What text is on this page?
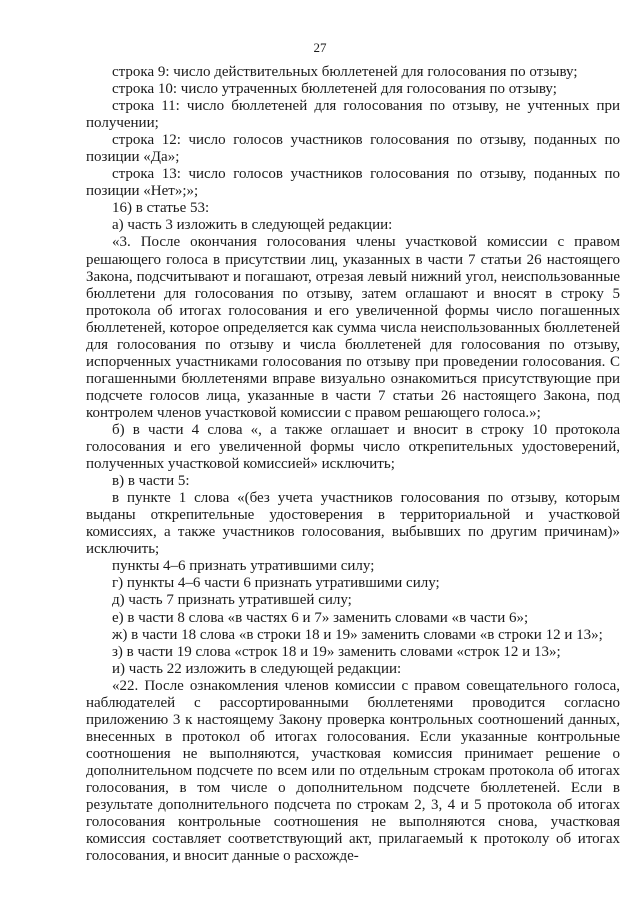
27

строка 9: число действительных бюллетеней для голосования по отзыву;

строка 10: число утраченных бюллетеней для голосования по отзыву;

строка 11: число бюллетеней для голосования по отзыву, не учтенных при получении;

строка 12: число голосов участников голосования по отзыву, поданных по позиции «Да»;

строка 13: число голосов участников голосования по отзыву, поданных по позиции «Нет»;»;

16) в статье 53:

а) часть 3 изложить в следующей редакции:

«3. После окончания голосования члены участковой комиссии с правом решающего голоса в присутствии лиц, указанных в части 7 статьи 26 настоящего Закона, подсчитывают и погашают, отрезая левый нижний угол, неиспользованные бюллетени для голосования по отзыву, затем оглашают и вносят в строку 5 протокола об итогах голосования и его увеличенной формы число погашенных бюллетеней, которое определяется как сумма числа неиспользованных бюллетеней для голосования по отзыву и числа бюллетеней для голосования по отзыву, испорченных участниками голосования по отзыву при проведении голосования. С погашенными бюллетенями вправе визуально ознакомиться присутствующие при подсчете голосов лица, указанные в части 7 статьи 26 настоящего Закона, под контролем членов участковой комиссии с правом решающего голоса.»;

б) в части 4 слова «, а также оглашает и вносит в строку 10 протокола голосования и его увеличенной формы число открепительных удостоверений, полученных участковой комиссией» исключить;

в) в части 5:

в пункте 1 слова «(без учета участников голосования по отзыву, которым выданы открепительные удостоверения в территориальной и участковой комиссиях, а также участников голосования, выбывших по другим причинам)» исключить;

пункты 4–6 признать утратившими силу;

г) пункты 4–6 части 6 признать утратившими силу;

д) часть 7 признать утратившей силу;

е) в части 8 слова «в частях 6 и 7» заменить словами «в части 6»;

ж) в части 18 слова «в строки 18 и 19» заменить словами «в строки 12 и 13»;

з) в части 19 слова «строк 18 и 19» заменить словами «строк 12 и 13»;

и) часть 22 изложить в следующей редакции:

«22. После ознакомления членов комиссии с правом совещательного голоса, наблюдателей с рассортированными бюллетенями проводится согласно приложению 3 к настоящему Закону проверка контрольных соотношений данных, внесенных в протокол об итогах голосования. Если указанные контрольные соотношения не выполняются, участковая комиссия принимает решение о дополнительном подсчете по всем или по отдельным строкам протокола об итогах голосования, в том числе о дополнительном подсчете бюллетеней. Если в результате дополнительного подсчета по строкам 2, 3, 4 и 5 протокола об итогах голосования контрольные соотношения не выполняются снова, участковая комиссия составляет соответствующий акт, прилагаемый к протоколу об итогах голосования, и вносит данные о расхожде-
